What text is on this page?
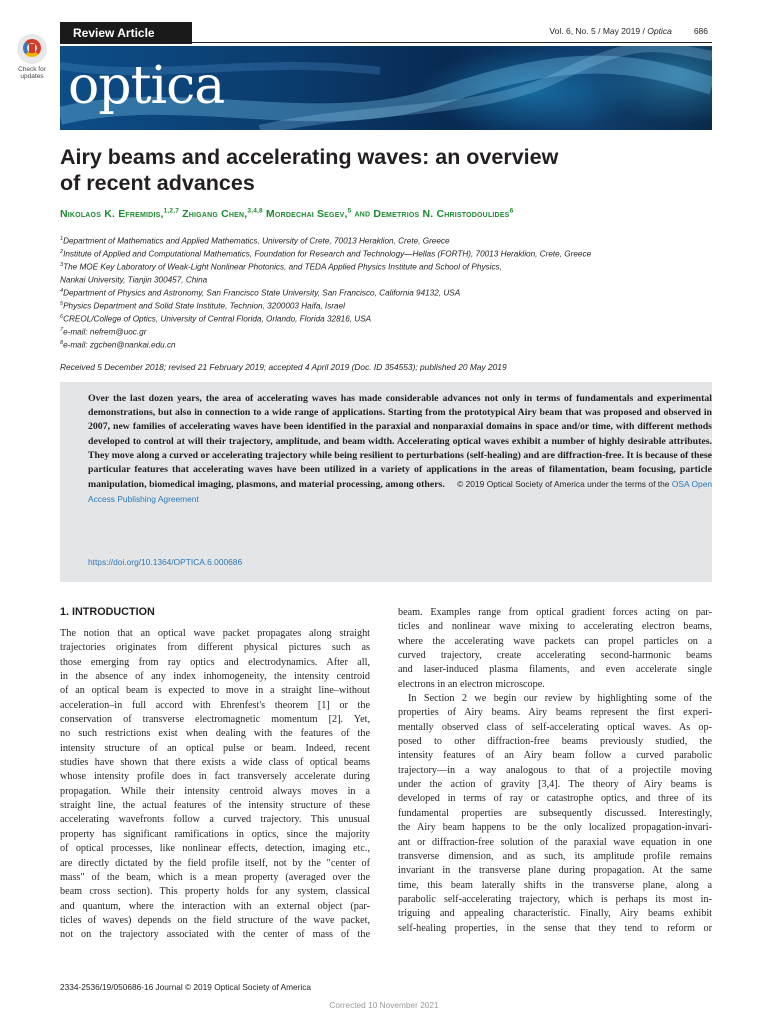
Check for
updates
Review Article	Vol. 6, No. 5 / May 2019 / Optica	686
optica
Airy beams and accelerating waves: an overview
of recent advances
Nikolaos K. Efremidis,$^{1,2,7}$ Zhigang Chen,$^{3,4,8}$ Mordechai Segev,$^5$ and Demetrios N. Christodoulides$^6$
$^1$Department of Mathematics and Applied Mathematics, University of Crete, 70013 Heraklion, Crete, Greece
$^2$Institute of Applied and Computational Mathematics, Foundation for Research and Technology—Hellas (FORTH), 70013 Heraklion, Crete, Greece
$^3$The MOE Key Laboratory of Weak-Light Nonlinear Photonics, and TEDA Applied Physics Institute and School of Physics,
Nankai University, Tianjin 300457, China
$^4$Department of Physics and Astronomy, San Francisco State University, San Francisco, California 94132, USA
$^5$Physics Department and Solid State Institute, Technion, 3200003 Haifa, Israel
$^6$CREOL/College of Optics, University of Central Florida, Orlando, Florida 32816, USA
$^7$e-mail: nefrem@uoc.gr
$^8$e-mail: zgchen@nankai.edu.cn
Received 5 December 2018; revised 21 February 2019; accepted 4 April 2019 (Doc. ID 354553); published 20 May 2019
Over the last dozen years, the area of accelerating waves has made considerable advances not only in terms of fundamentals and experimental demonstrations, but also in connection to a wide range of applications. Starting from the prototypical Airy beam that was proposed and observed in 2007, new families of accelerating waves have been identified in the paraxial and nonparaxial domains in space and/or time, with different methods developed to control at will their trajectory, amplitude, and beam width. Accelerating optical waves exhibit a number of highly desirable attributes. They move along a curved or accelerating trajectory while being resilient to perturbations (self-healing) and are diffraction-free. It is because of these particular features that accelerating waves have been utilized in a variety of applications in the areas of filamentation, beam focusing, particle manipulation, biomedical imaging, plasmons, and material processing, among others. © 2019 Optical Society of America under the terms of the OSA Open Access Publishing Agreement
https://doi.org/10.1364/OPTICA.6.000686
1. INTRODUCTION
The notion that an optical wave packet propagates along straight
trajectories originates from different physical pictures such as
those emerging from ray optics and electrodynamics. After all,
in the absence of any index inhomogeneity, the intensity centroid
of an optical beam is expected to move in a straight line–without
acceleration–in full accord with Ehrenfest's theorem [1] or the
conservation of transverse electromagnetic momentum [2]. Yet,
no such restrictions exist when dealing with the features of the
intensity structure of an optical pulse or beam. Indeed, recent
studies have shown that there exists a wide class of optical beams
whose intensity profile does in fact transversely accelerate during
propagation. While their intensity centroid always moves in a
straight line, the actual features of the intensity structure of these
accelerating wavefronts follow a curved trajectory. This unusual
property has significant ramifications in optics, since the majority
of optical processes, like nonlinear effects, detection, imaging etc.,
are directly dictated by the field profile itself, not by the "center of
mass" of the beam, which is a mean property (averaged over the
beam cross section). This property holds for any system, classical
and quantum, where the interaction with an external object (par-
ticles of waves) depends on the field structure of the wave packet,
not on the trajectory associated with the center of mass of the
beam. Examples range from optical gradient forces acting on par-
ticles and nonlinear wave mixing to accelerating electron beams,
where the accelerating wave packets can propel particles on a
curved trajectory, create accelerating second-harmonic beams
and laser-induced plasma filaments, and even accelerate single
electrons in an electron microscope.
In Section 2 we begin our review by highlighting some of the
properties of Airy beams. Airy beams represent the first experi-
mentally observed class of self-accelerating optical waves. As op-
posed to other diffraction-free beams previously studied, the
intensity features of an Airy beam follow a curved parabolic
trajectory—in a way analogous to that of a projectile moving
under the action of gravity [3,4]. The theory of Airy beams is
developed in terms of ray or catastrophe optics, and three of its
fundamental properties are subsequently discussed. Interestingly,
the Airy beam happens to be the only localized propagation-invari-
ant or diffraction-free solution of the paraxial wave equation in one
transverse dimension, and as such, its amplitude profile remains
invariant in the transverse plane during propagation. At the same
time, this beam laterally shifts in the transverse plane, along a
parabolic self-accelerating trajectory, which is perhaps its most in-
triguing and appealing characteristic. Finally, Airy beams exhibit
self-healing properties, in the sense that they tend to reform or
2334-2536/19/050686-16 Journal © 2019 Optical Society of America
Corrected 10 November 2021
